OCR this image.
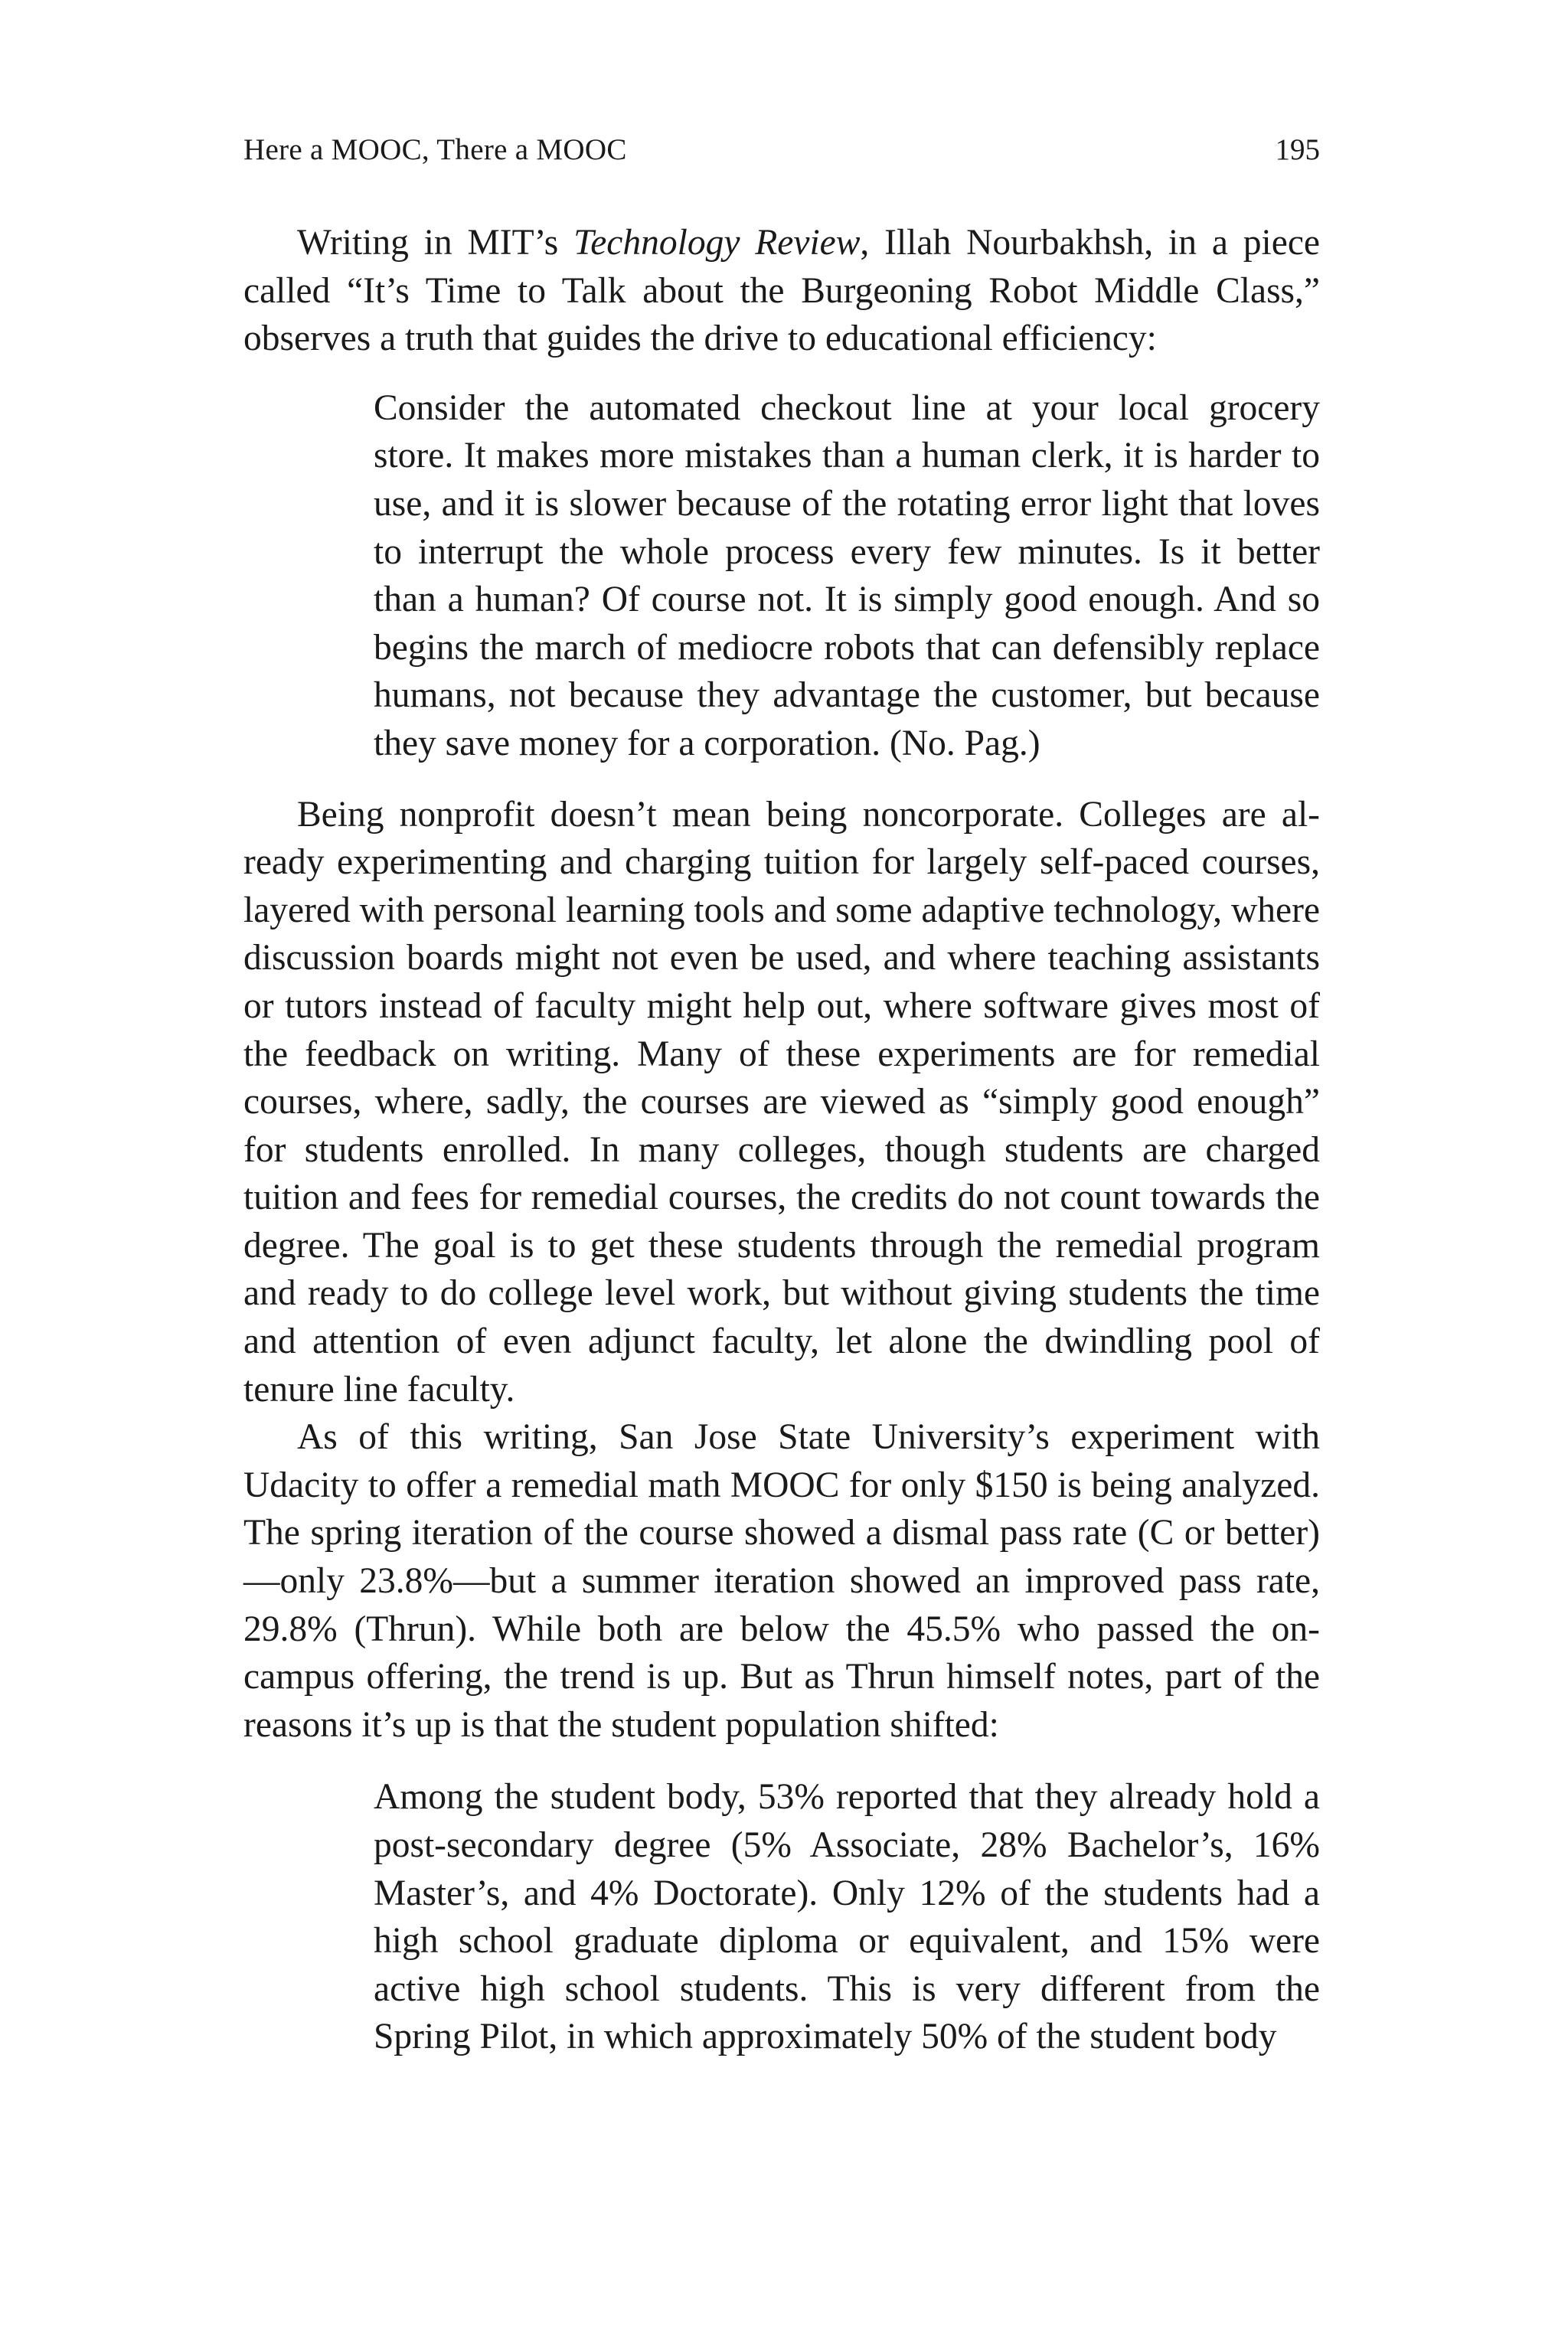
Here a MOOC, There a MOOC	195

Writing in MIT’s Technology Review, Illah Nourbakhsh, in a piece called “It’s Time to Talk about the Burgeoning Robot Middle Class,” observes a truth that guides the drive to educational efficiency:

Consider the automated checkout line at your local grocery store. It makes more mistakes than a human clerk, it is harder to use, and it is slower because of the rotating error light that loves to interrupt the whole process every few minutes. Is it better than a human? Of course not. It is simply good enough. And so begins the march of mediocre robots that can defensibly replace humans, not because they advantage the customer, but because they save money for a corporation. (No. Pag.)

Being nonprofit doesn’t mean being noncorporate. Colleges are already experimenting and charging tuition for largely self-paced courses, layered with personal learning tools and some adaptive technology, where discussion boards might not even be used, and where teaching assistants or tutors instead of faculty might help out, where software gives most of the feedback on writing. Many of these experiments are for remedial courses, where, sadly, the courses are viewed as “simply good enough” for students enrolled. In many colleges, though students are charged tuition and fees for remedial courses, the credits do not count towards the degree. The goal is to get these students through the remedial program and ready to do college level work, but without giving students the time and attention of even adjunct faculty, let alone the dwindling pool of tenure line faculty.

As of this writing, San Jose State University’s experiment with Udacity to offer a remedial math MOOC for only $150 is being analyzed. The spring iteration of the course showed a dismal pass rate (C or better)—only 23.8%—but a summer iteration showed an improved pass rate, 29.8% (Thrun). While both are below the 45.5% who passed the on-campus offering, the trend is up. But as Thrun himself notes, part of the reasons it’s up is that the student population shifted:

Among the student body, 53% reported that they already hold a post-secondary degree (5% Associate, 28% Bachelor’s, 16% Master’s, and 4% Doctorate). Only 12% of the students had a high school graduate diploma or equivalent, and 15% were active high school students. This is very different from the Spring Pilot, in which approximately 50% of the student body
